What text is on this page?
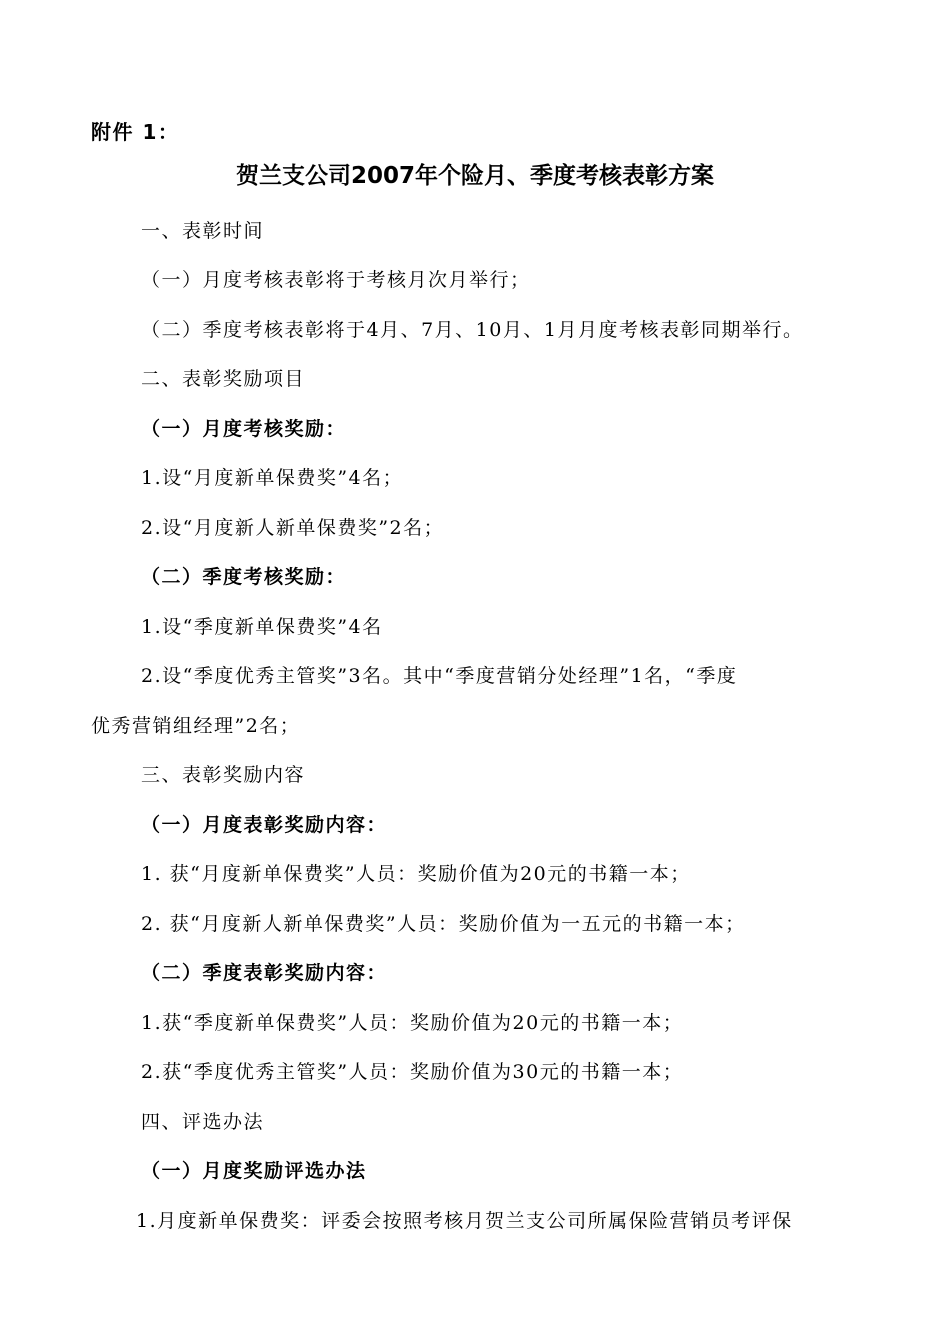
附件 1：
贺兰支公司2007年个险月、季度考核表彰方案
一、表彰时间
（一）月度考核表彰将于考核月次月举行；
（二）季度考核表彰将于4月、7月、10月、1月月度考核表彰同期举行。
二、表彰奖励项目
（一）月度考核奖励：
1.设“月度新单保费奖”4名；
2.设“月度新人新单保费奖”2名；
（二）季度考核奖励：
1.设“季度新单保费奖”4名
2.设“季度优秀主管奖”3名。其中“季度营销分处经理”1名，“季度
优秀营销组经理”2名；
三、表彰奖励内容
（一）月度表彰奖励内容：
1. 获“月度新单保费奖”人员：奖励价值为20元的书籍一本；
2. 获“月度新人新单保费奖”人员：奖励价值为一五元的书籍一本；
（二）季度表彰奖励内容：
1.获“季度新单保费奖”人员：奖励价值为20元的书籍一本；
2.获“季度优秀主管奖”人员：奖励价值为30元的书籍一本；
四、评选办法
（一）月度奖励评选办法
1.月度新单保费奖：评委会按照考核月贺兰支公司所属保险营销员考评保
